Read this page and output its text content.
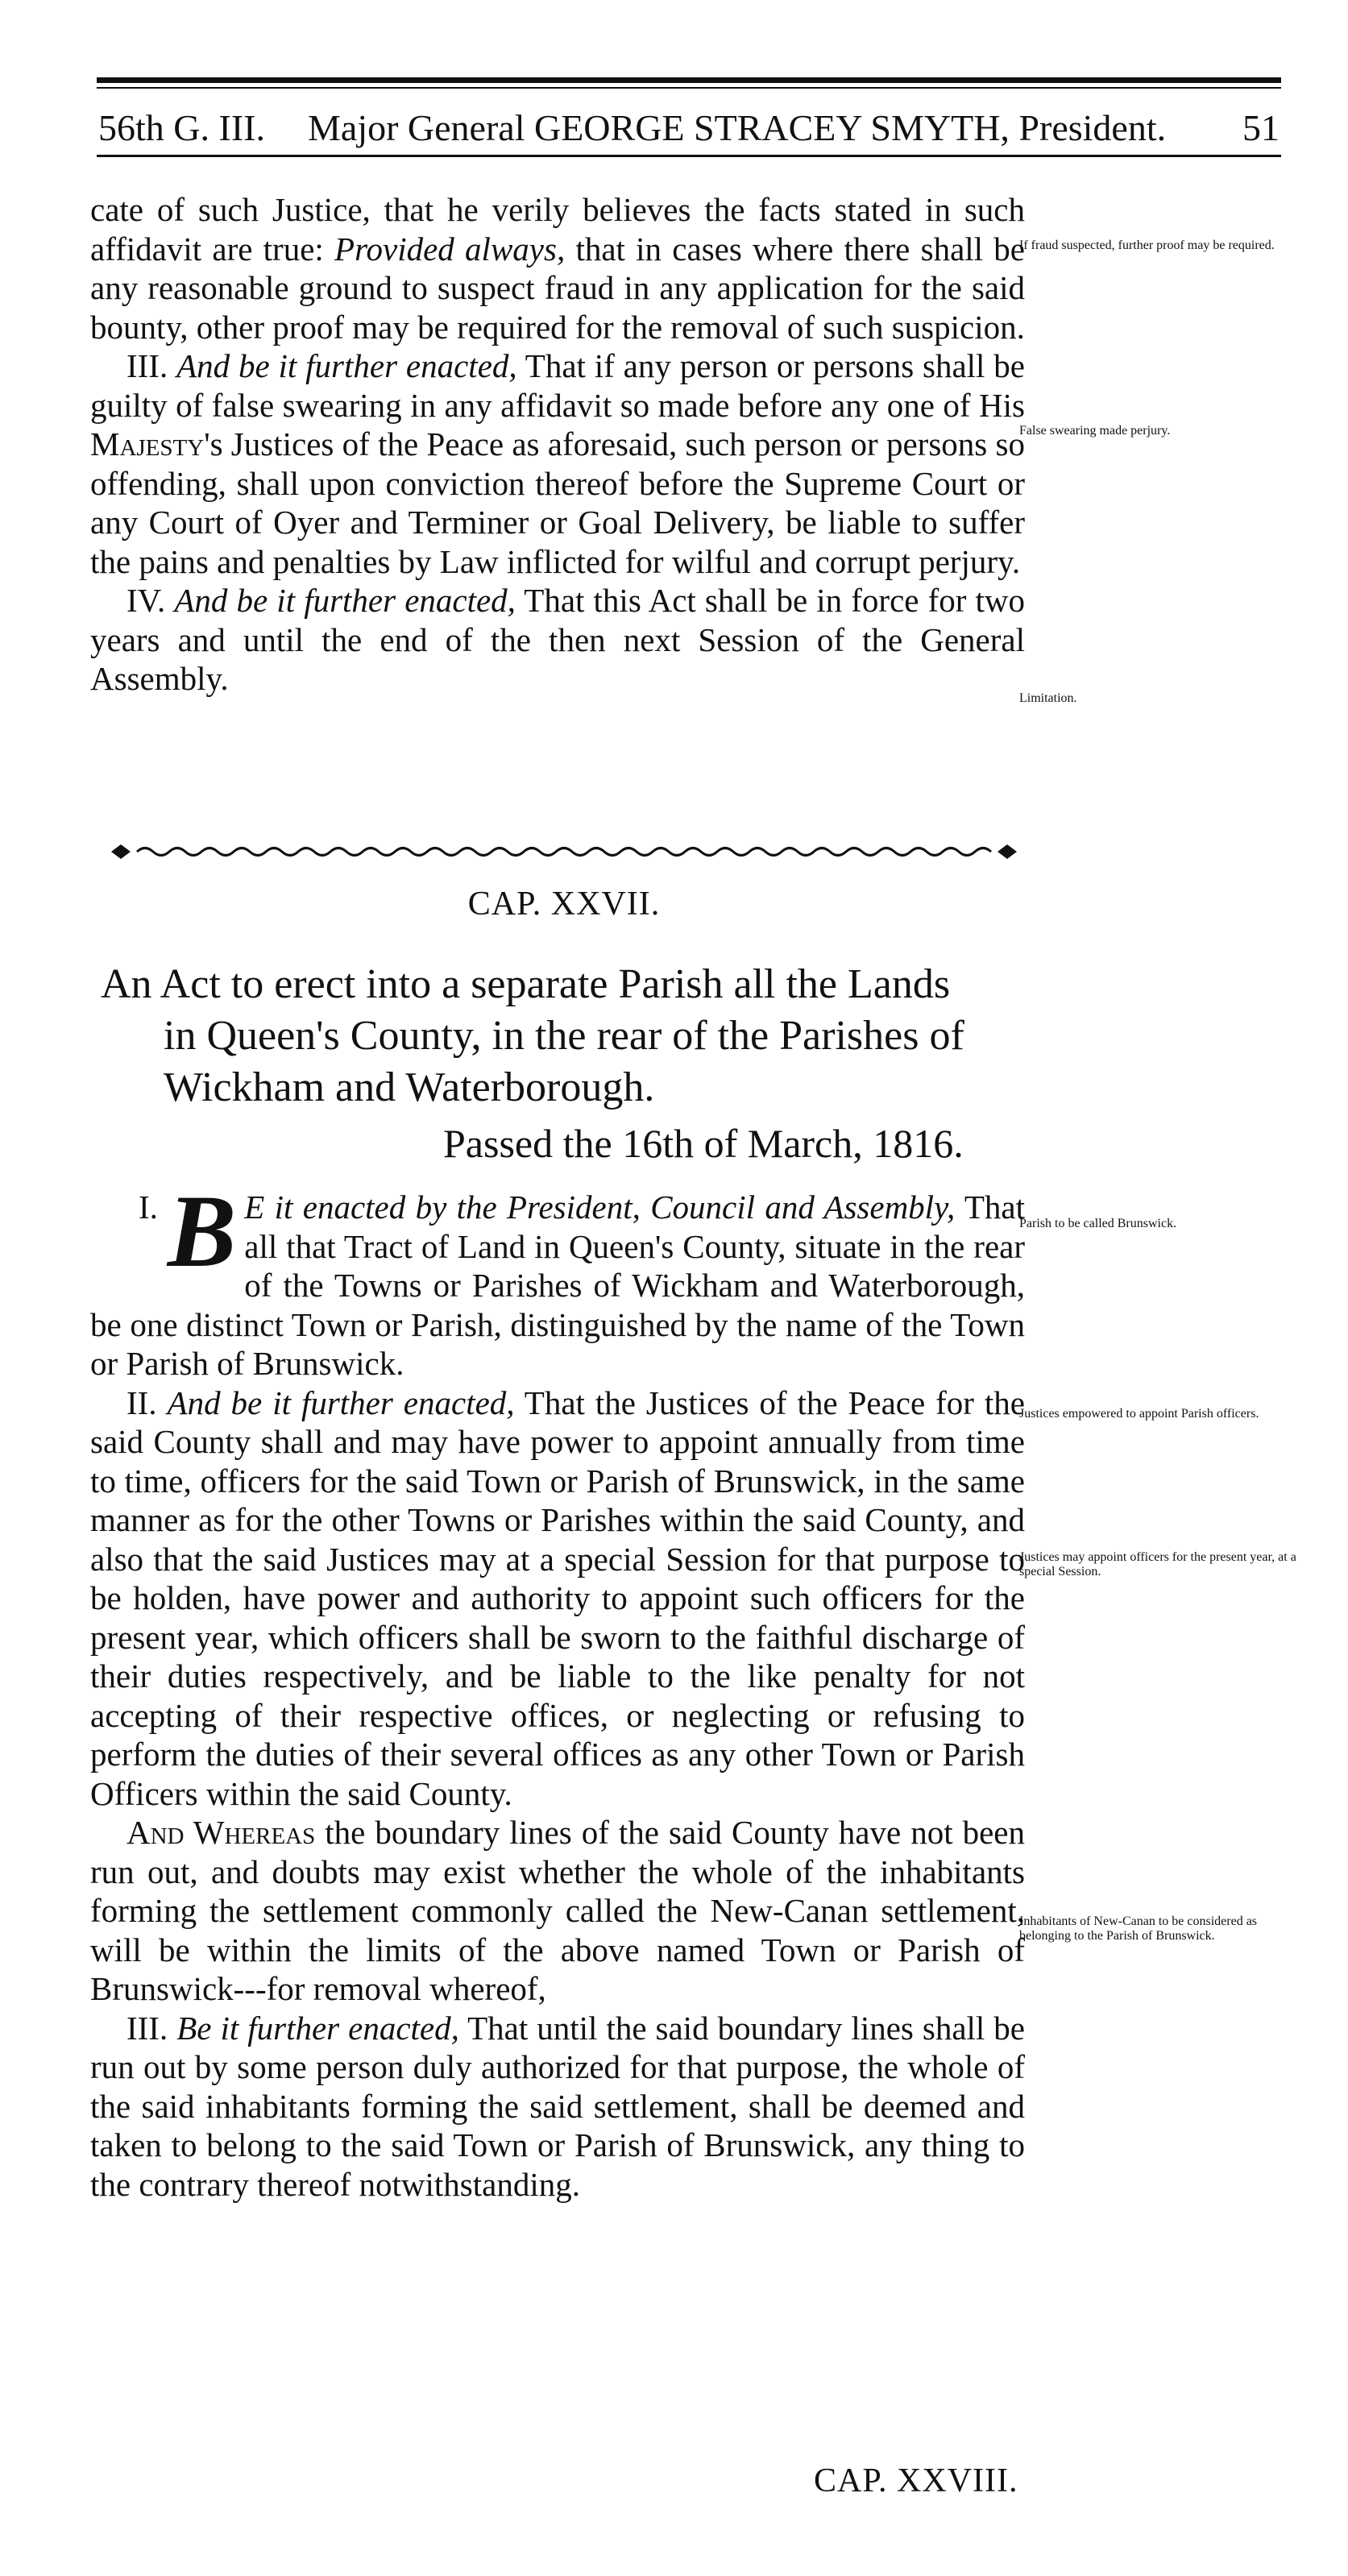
56th G. III. Major General GEORGE STRACEY SMYTH, President. 51

cate of such Justice, that he verily believes the facts stated in such affidavit are true: Provided always, that in cases where there shall be any reasonable ground to suspect fraud in any application for the said bounty, other proof may be required for the removal of such suspicion.

III. And be it further enacted, That if any person or persons shall be guilty of false swearing in any affidavit so made before any one of His Majesty's Justices of the Peace as aforesaid, such person or persons so offending, shall upon conviction thereof before the Supreme Court or any Court of Oyer and Terminer or Goal Delivery, be liable to suffer the pains and penalties by Law inflicted for wilful and corrupt perjury.

IV. And be it further enacted, That this Act shall be in force for two years and until the end of the then next Session of the General Assembly.

If fraud suspected, further proof may be required.
False swearing made perjury.
Limitation.
CAP. XXVII.
An Act to erect into a separate Parish all the Lands
in Queen's County, in the rear of the Parishes of
Wickham and Waterborough.
Passed the 16th of March, 1816.

I. B E it enacted by the President, Council and Assembly, That all that Tract of Land in Queen's County, situate in the rear of the Towns or Parishes of Wickham and Waterborough, be one distinct Town or Parish, distinguished by the name of the Town or Parish of Brunswick.

II. And be it further enacted, That the Justices of the Peace for the said County shall and may have power to appoint annually from time to time, officers for the said Town or Parish of Brunswick, in the same manner as for the other Towns or Parishes within the said County, and also that the said Justices may at a special Session for that purpose to be holden, have power and authority to appoint such officers for the present year, which officers shall be sworn to the faithful discharge of their duties respectively, and be liable to the like penalty for not accepting of their respective offices, or neglecting or refusing to perform the duties of their several offices as any other Town or Parish Officers within the said County.

And Whereas the boundary lines of the said County have not been run out, and doubts may exist whether the whole of the inhabitants forming the settlement commonly called the New-Canan settlement, will be within the limits of the above named Town or Parish of Brunswick---for removal whereof,

III. Be it further enacted, That until the said boundary lines shall be run out by some person duly authorized for that purpose, the whole of the said inhabitants forming the said settlement, shall be deemed and taken to belong to the said Town or Parish of Brunswick, any thing to the contrary thereof notwithstanding.

Parish to be called Brunswick.
Justices empowered to appoint Parish officers.
Justices may appoint officers for the present year, at a special Session.
Inhabitants of New-Canan to be considered as belonging to the Parish of Brunswick.
CAP. XXVIII.
